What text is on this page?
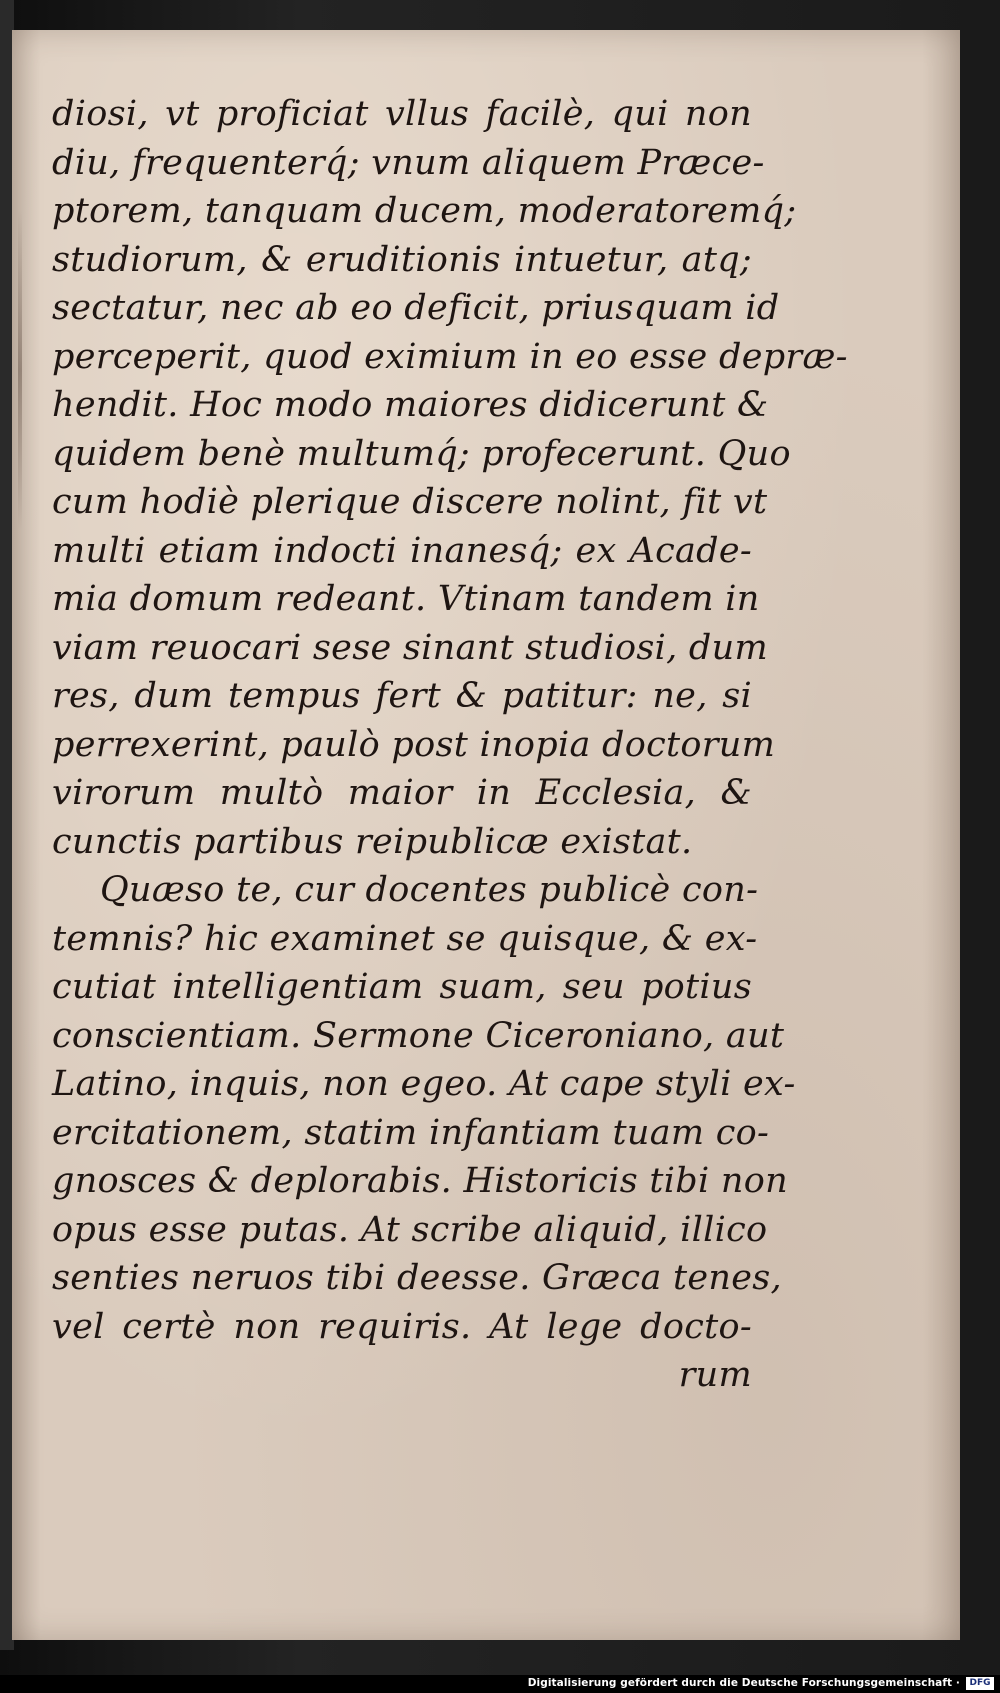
diosi, vt proficiat vllus facilè, qui non
diu, frequenterq́; vnum aliquem Præce-
ptorem, tanquam ducem, moderatoremq́;
studiorum, & eruditionis intuetur, atq;
sectatur, nec ab eo deficit, priusquam id
perceperit, quod eximium in eo esse depræ-
hendit. Hoc modo maiores didicerunt &
quidem benè multumq́; profecerunt. Quo
cum hodiè plerique discere nolint, fit vt
multi etiam indocti inanesq́; ex Acade-
mia domum redeant. Vtinam tandem in
viam reuocari sese sinant studiosi, dum
res, dum tempus fert & patitur: ne, si
perrexerint, paulò post inopia doctorum
virorum multò maior in Ecclesia, &
cunctis partibus reipublicæ existat.
Quæso te, cur docentes publicè con-
temnis? hic examinet se quisque, & ex-
cutiat intelligentiam suam, seu potius
conscientiam. Sermone Ciceroniano, aut
Latino, inquis, non egeo. At cape styli ex-
ercitationem, statim infantiam tuam co-
gnosces & deplorabis. Historicis tibi non
opus esse putas. At scribe aliquid, illico
senties neruos tibi deesse. Græca tenes,
vel certè non requiris. At lege docto-
rum
Digitalisierung gefördert durch die Deutsche Forschungsgemeinschaft ·	DFG
